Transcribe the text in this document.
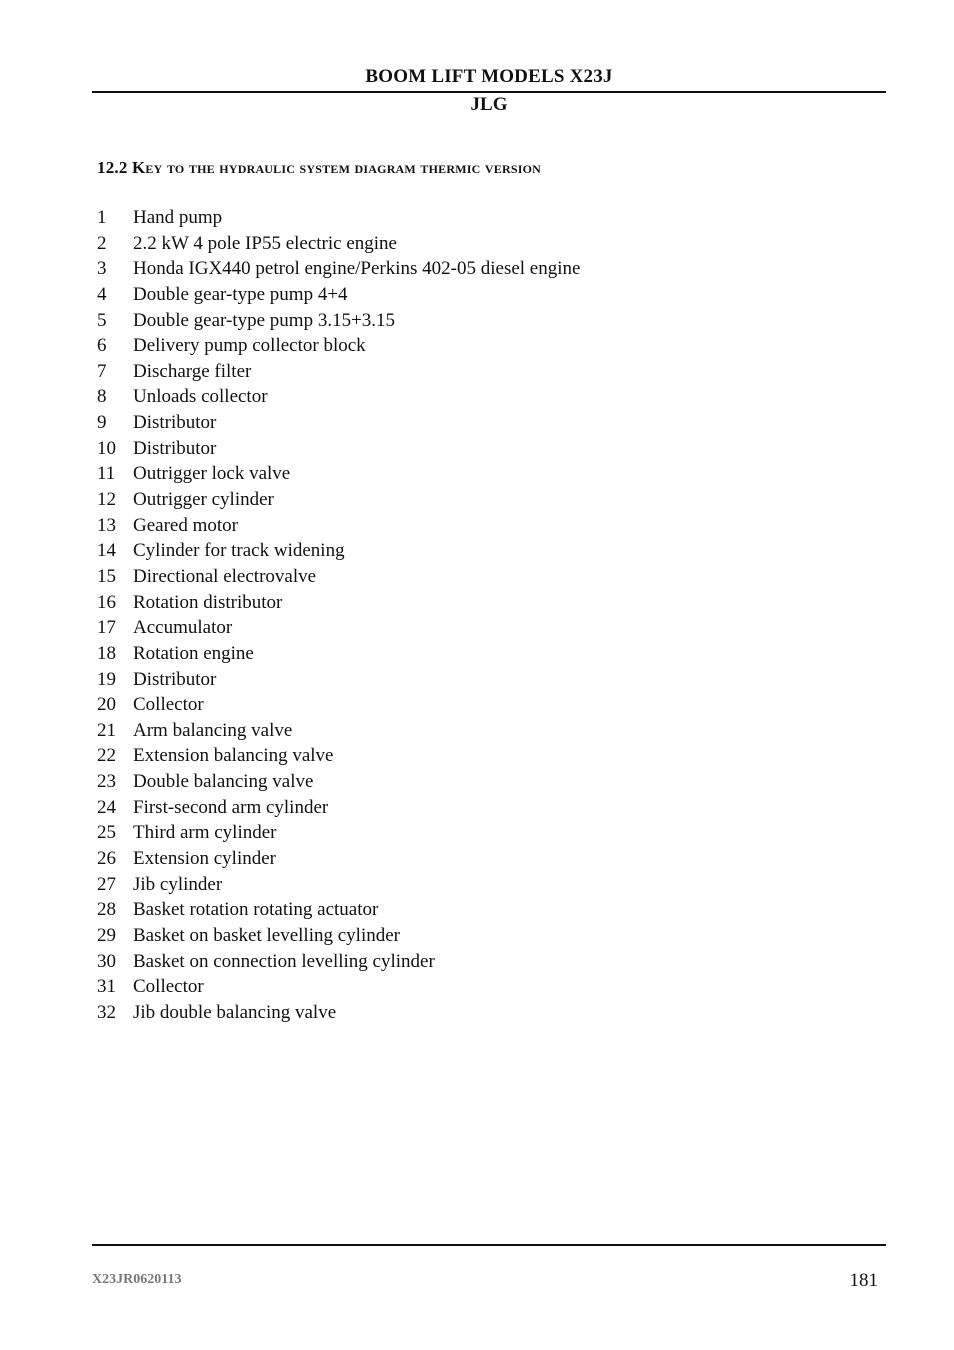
BOOM LIFT MODELS X23J
JLG
12.2 Key to the hydraulic system diagram thermic version
1 Hand pump
2 2.2 kW 4 pole IP55 electric engine
3 Honda IGX440 petrol engine/Perkins 402-05 diesel engine
4 Double gear-type pump 4+4
5 Double gear-type pump 3.15+3.15
6 Delivery pump collector block
7 Discharge filter
8 Unloads collector
9 Distributor
10 Distributor
11 Outrigger lock valve
12 Outrigger cylinder
13 Geared motor
14 Cylinder for track widening
15 Directional electrovalve
16 Rotation distributor
17 Accumulator
18 Rotation engine
19 Distributor
20 Collector
21 Arm balancing valve
22 Extension balancing valve
23 Double balancing valve
24 First-second arm cylinder
25 Third arm cylinder
26 Extension cylinder
27 Jib cylinder
28 Basket rotation rotating actuator
29 Basket on basket levelling cylinder
30 Basket on connection levelling cylinder
31 Collector
32 Jib double balancing valve
X23JR0620113	181
